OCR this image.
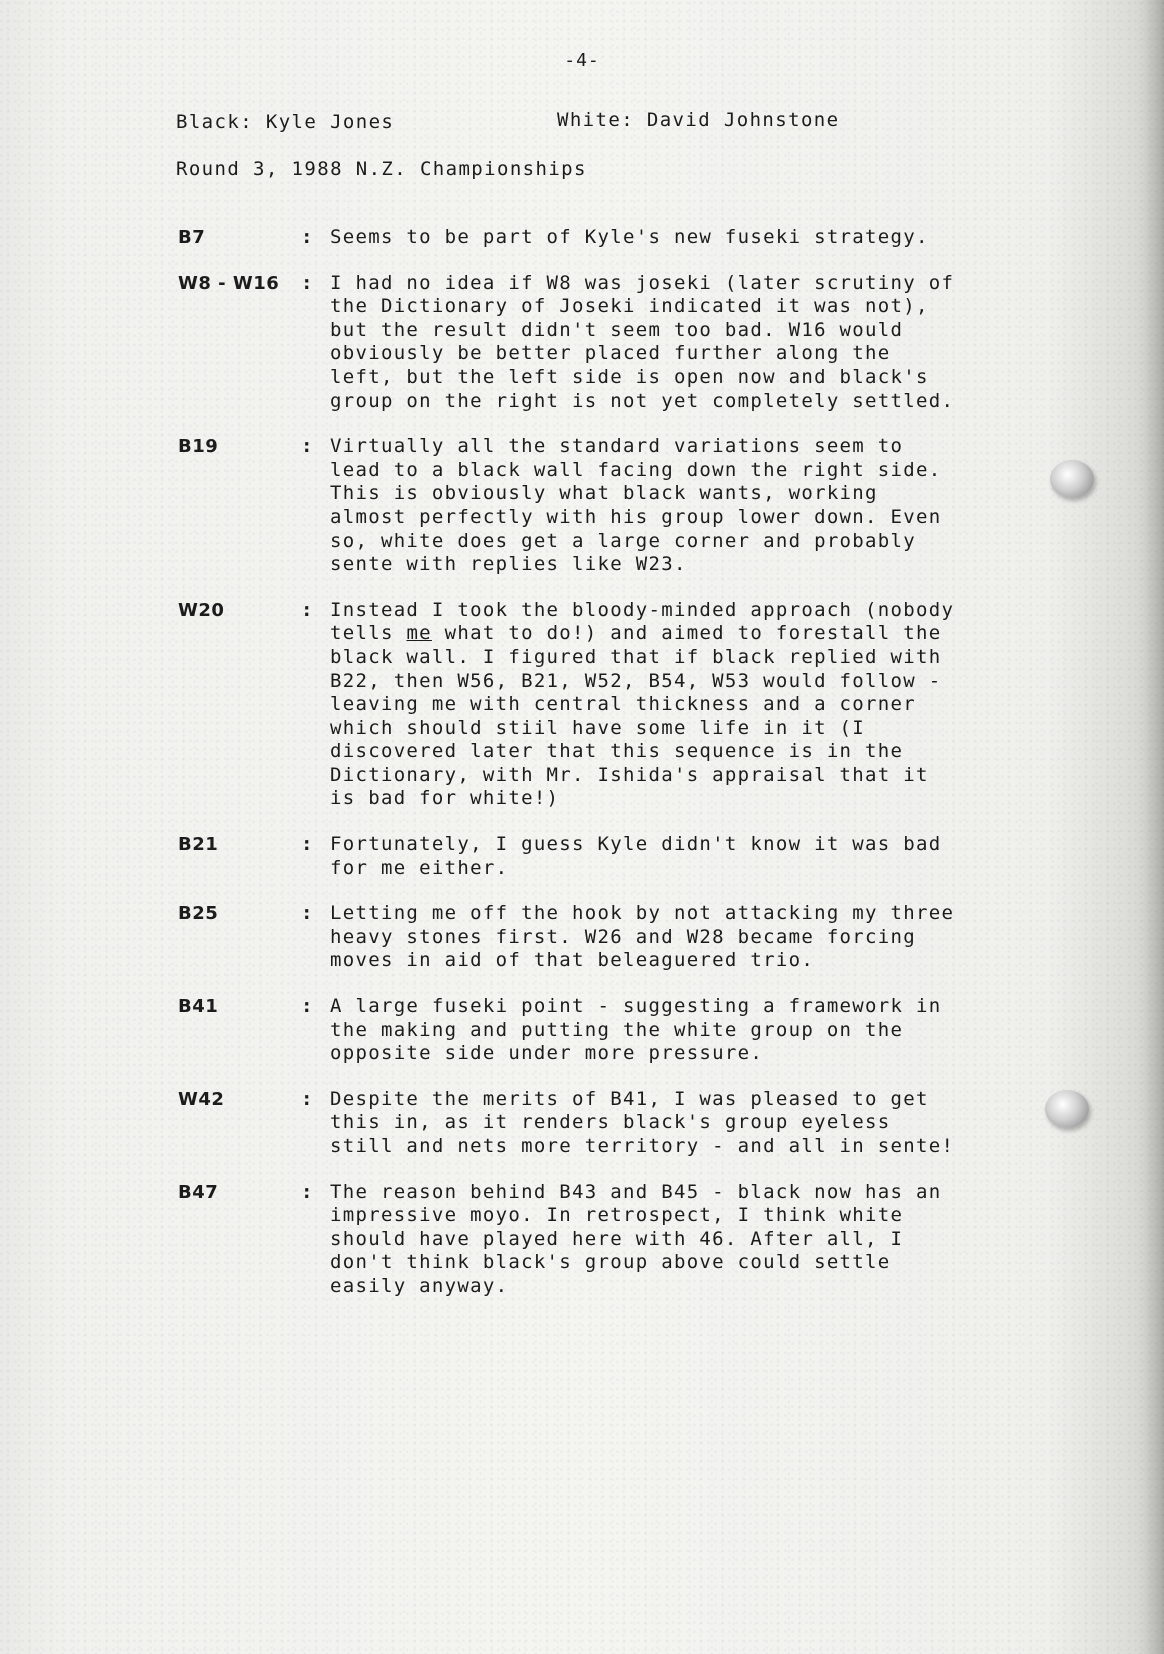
-4-
Black: Kyle Jones	White: David Johnstone
Round 3, 1988 N.Z. Championships
B7	: Seems to be part of Kyle's new fuseki strategy.
W8 - W16 : I had no idea if W8 was joseki (later scrutiny of
the Dictionary of Joseki indicated it was not),
but the result didn't seem too bad. W16 would
obviously be better placed further along the
left, but the left side is open now and black's
group on the right is not yet completely settled.
B19	: Virtually all the standard variations seem to
lead to a black wall facing down the right side.
This is obviously what black wants, working
almost perfectly with his group lower down. Even
so, white does get a large corner and probably
sente with replies like W23.
W20	: Instead I took the bloody-minded approach (nobody
tells me what to do!) and aimed to forestall the
black wall. I figured that if black replied with
B22, then W56, B21, W52, B54, W53 would follow -
leaving me with central thickness and a corner
which should stiil have some life in it (I
discovered later that this sequence is in the
Dictionary, with Mr. Ishida's appraisal that it
is bad for white!)
B21	: Fortunately, I guess Kyle didn't know it was bad
for me either.
B25	: Letting me off the hook by not attacking my three
heavy stones first. W26 and W28 became forcing
moves in aid of that beleaguered trio.
B41	: A large fuseki point - suggesting a framework in
the making and putting the white group on the
opposite side under more pressure.
W42	: Despite the merits of B41, I was pleased to get
this in, as it renders black's group eyeless
still and nets more territory - and all in sente!
B47	: The reason behind B43 and B45 - black now has an
impressive moyo. In retrospect, I think white
should have played here with 46. After all, I
don't think black's group above could settle
easily anyway.
